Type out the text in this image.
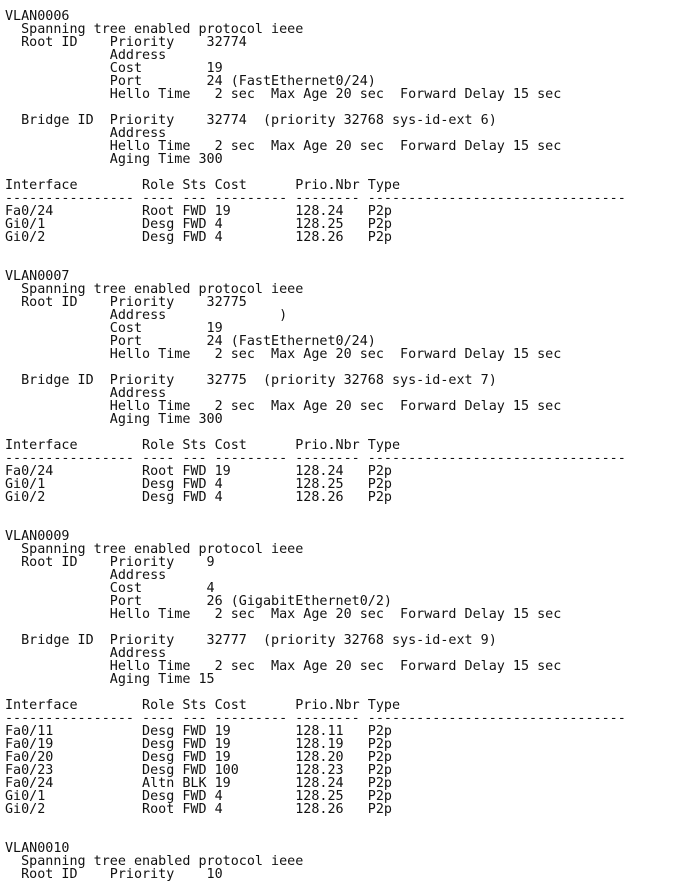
VLAN0006
Spanning tree enabled protocol ieee
Root ID    Priority    32774
Address
Cost        19
Port        24 (FastEthernet0/24)
Hello Time   2 sec  Max Age 20 sec  Forward Delay 15 sec
Bridge ID  Priority    32774  (priority 32768 sys-id-ext 6)
Address
Hello Time   2 sec  Max Age 20 sec  Forward Delay 15 sec
Aging Time 300
Interface        Role Sts Cost      Prio.Nbr Type
---------------- ---- --- --------- -------- --------------------------------
Fa0/24           Root FWD 19        128.24   P2p
Gi0/1            Desg FWD 4         128.25   P2p
Gi0/2            Desg FWD 4         128.26   P2p
VLAN0007
Spanning tree enabled protocol ieee
Root ID    Priority    32775
Address              )
Cost        19
Port        24 (FastEthernet0/24)
Hello Time   2 sec  Max Age 20 sec  Forward Delay 15 sec
Bridge ID  Priority    32775  (priority 32768 sys-id-ext 7)
Address
Hello Time   2 sec  Max Age 20 sec  Forward Delay 15 sec
Aging Time 300
Interface        Role Sts Cost      Prio.Nbr Type
---------------- ---- --- --------- -------- --------------------------------
Fa0/24           Root FWD 19        128.24   P2p
Gi0/1            Desg FWD 4         128.25   P2p
Gi0/2            Desg FWD 4         128.26   P2p
VLAN0009
Spanning tree enabled protocol ieee
Root ID    Priority    9
Address
Cost        4
Port        26 (GigabitEthernet0/2)
Hello Time   2 sec  Max Age 20 sec  Forward Delay 15 sec
Bridge ID  Priority    32777  (priority 32768 sys-id-ext 9)
Address
Hello Time   2 sec  Max Age 20 sec  Forward Delay 15 sec
Aging Time 15
Interface        Role Sts Cost      Prio.Nbr Type
---------------- ---- --- --------- -------- --------------------------------
Fa0/11           Desg FWD 19        128.11   P2p
Fa0/19           Desg FWD 19        128.19   P2p
Fa0/20           Desg FWD 19        128.20   P2p
Fa0/23           Desg FWD 100       128.23   P2p
Fa0/24           Altn BLK 19        128.24   P2p
Gi0/1            Desg FWD 4         128.25   P2p
Gi0/2            Root FWD 4         128.26   P2p
VLAN0010
Spanning tree enabled protocol ieee
Root ID    Priority    10
